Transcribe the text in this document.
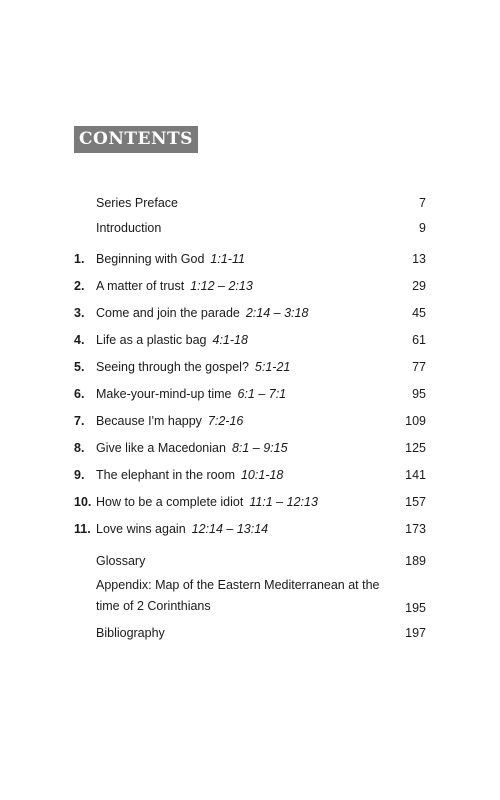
CONTENTS
Series Preface	7
Introduction	9
1. Beginning with God 1:1-11	13
2. A matter of trust 1:12 – 2:13	29
3. Come and join the parade 2:14 – 3:18	45
4. Life as a plastic bag 4:1-18	61
5. Seeing through the gospel? 5:1-21	77
6. Make-your-mind-up time 6:1 – 7:1	95
7. Because I'm happy 7:2-16	109
8. Give like a Macedonian 8:1 – 9:15	125
9. The elephant in the room 10:1-18	141
10. How to be a complete idiot 11:1 – 12:13	157
11. Love wins again 12:14 – 13:14	173
Glossary	189
Appendix: Map of the Eastern Mediterranean at the time of 2 Corinthians	195
Bibliography	197
